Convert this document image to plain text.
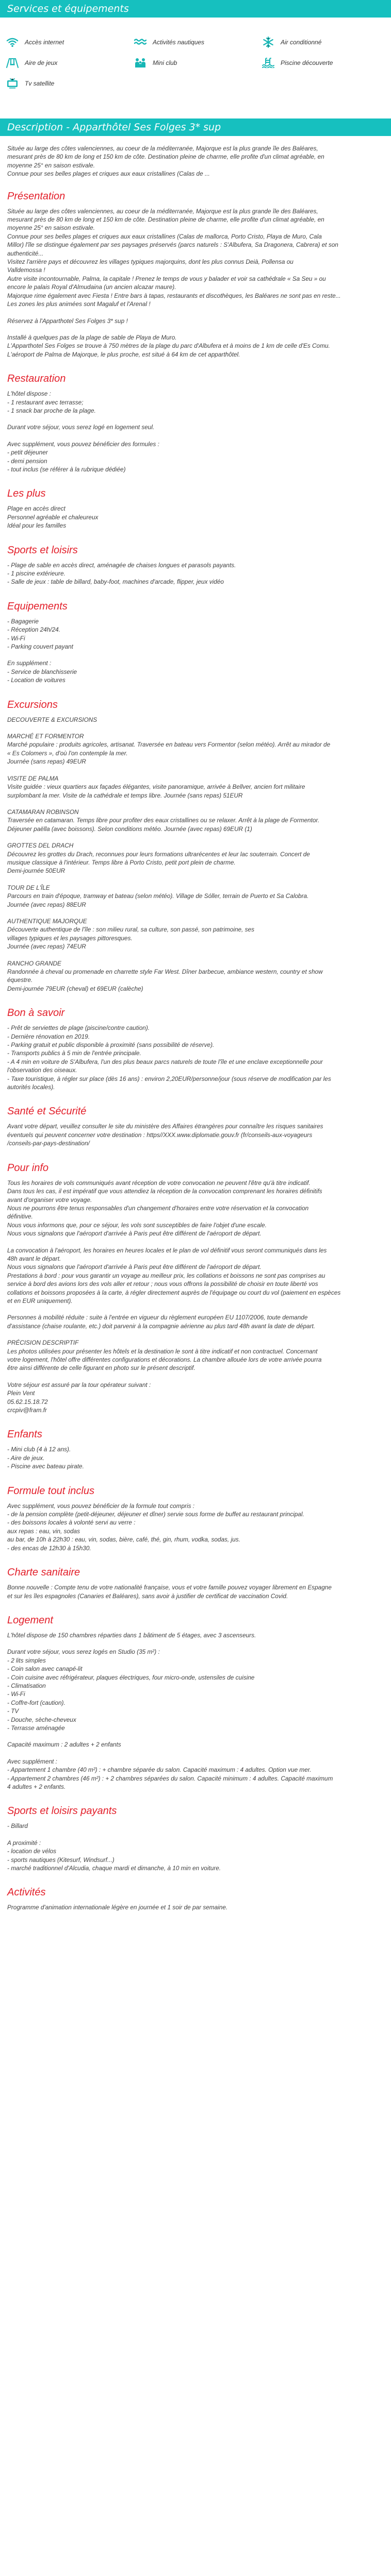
Services et équipements
Accès internet	Activités nautiques	Air conditionné
Aire de jeux	Mini club	Piscine découverte
Tv satellite
Description - Apparthôtel Ses Folges 3* sup

Située au large des côtes valenciennes, au coeur de la méditerranée, Majorque est la plus grande île des Baléares,

mesurant près de 80 km de long et 150 km de côte. Destination pleine de charme, elle profite d'un climat agréable, en

moyenne 25° en saison estivale.

Connue pour ses belles plages et criques aux eaux cristallines (Calas de ...

Présentation

Située au large des côtes valenciennes, au coeur de la méditerranée, Majorque est la plus grande île des Baléares,

mesurant près de 80 km de long et 150 km de côte. Destination pleine de charme, elle profite d'un climat agréable, en

moyenne 25° en saison estivale.

Connue pour ses belles plages et criques aux eaux cristallines (Calas de mallorca, Porto Cristo, Playa de Muro, Cala

Millor) l'île se distingue également par ses paysages préservés (parcs naturels : S'Albufera, Sa Dragonera, Cabrera) et son

authenticité...

Visitez l'arrière pays et découvrez les villages typiques majorquins, dont les plus connus Deià, Pollensa ou

Valldemossa !

Autre visite incontournable, Palma, la capitale ! Prenez le temps de vous y balader et voir sa cathédrale « Sa Seu » ou

encore le palais Royal d'Almudaina (un ancien alcazar maure).

Majorque rime également avec Fiesta ! Entre bars à tapas, restaurants et discothèques, les Baléares ne sont pas en reste...

Les zones les plus animées sont Magaluf et l'Arenal !

Réservez à l'Apparthotel Ses Folges 3* sup !

Installé à quelques pas de la plage de sable de Playa de Muro.

L'Apparthotel Ses Folges se trouve à 750 mètres de la plage du parc d'Albufera et à moins de 1 km de celle d'Es Comu.

L'aéroport de Palma de Majorque, le plus proche, est situé à 64 km de cet apparthôtel.

Restauration

L'hôtel dispose :

- 1 restaurant avec terrasse;

- 1 snack bar proche de la plage.

Durant votre séjour, vous serez logé en logement seul.

Avec supplément, vous pouvez bénéficier des formules :

- petit déjeuner

- demi pension

- tout inclus (se référer à la rubrique dédiée)

Les plus

Plage en accès direct

Personnel agréable et chaleureux

Idéal pour les familles

Sports et loisirs

- Plage de sable en accès direct, aménagée de chaises longues et parasols payants.

- 1 piscine extérieure.

- Salle de jeux : table de billard, baby-foot, machines d'arcade, flipper, jeux vidéo

Equipements

- Bagagerie

- Réception 24h/24.

- Wi-Fi

- Parking couvert payant

En supplément :

- Service de blanchisserie

- Location de voitures

Excursions

DECOUVERTE & EXCURSIONS

MARCHÉ ET FORMENTOR

Marché populaire : produits agricoles, artisanat. Traversée en bateau vers Formentor (selon météo). Arrêt au mirador de

« Es Colomers », d'où l'on contemple la mer.

Journée (sans repas) 49EUR

VISITE DE PALMA

Visite guidée : vieux quartiers aux façades élégantes, visite panoramique, arrivée à Bellver, ancien fort militaire

surplombant la mer. Visite de la cathédrale et temps libre. Journée (sans repas) 51EUR

CATAMARAN ROBINSON

Traversée en catamaran. Temps libre pour profiter des eaux cristallines ou se relaxer. Arrêt à la plage de Formentor.

Déjeuner paëlla (avec boissons). Selon conditions météo. Journée (avec repas) 69EUR (1)

GROTTES DEL DRACH

Découvrez les grottes du Drach, reconnues pour leurs formations ultrarécentes et leur lac souterrain. Concert de

musique classique à l'intérieur. Temps libre à Porto Cristo, petit port plein de charme.

Demi-journée 50EUR

TOUR DE L'ÎLE

Parcours en train d'époque, tramway et bateau (selon météo). Village de Sóller, terrain de Puerto et Sa Calobra.

Journée (avec repas) 88EUR

AUTHENTIQUE MAJORQUE

Découverte authentique de l'île : son milieu rural, sa culture, son passé, son patrimoine, ses

villages typiques et les paysages pittoresques.

Journée (avec repas) 74EUR

RANCHO GRANDE

Randonnée à cheval ou promenade en charrette style Far West. Dîner barbecue, ambiance western, country et show

équestre.

Demi-journée 79EUR (cheval) et 69EUR (calèche)

Bon à savoir

- Prêt de serviettes de plage (piscine/contre caution).

- Dernière rénovation en 2019.

- Parking gratuit et public disponible à proximité (sans possibilité de réserve).

- Transports publics à 5 min de l'entrée principale.

- A 4 min en voiture de S'Albufera, l'un des plus beaux parcs naturels de toute l'île et une enclave exceptionnelle pour

l'observation des oiseaux.

- Taxe touristique, à régler sur place (dès 16 ans) : environ 2,20EUR/personne/jour (sous réserve de modification par les

autorités locales).

Santé et Sécurité

Avant votre départ, veuillez consulter le site du ministère des Affaires étrangères pour connaître les risques sanitaires

éventuels qui peuvent concerner votre destination : https//XXX.www.diplomatie.gouv.fr (fr/conseils-aux-voyageurs

/conseils-par-pays-destination/

Pour info

Tous les horaires de vols communiqués avant réception de votre convocation ne peuvent l'être qu'à titre indicatif.

Dans tous les cas, il est impératif que vous attendiez la réception de la convocation comprenant les horaires définitifs

avant d'organiser votre voyage.

Nous ne pourrons être tenus responsables d'un changement d'horaires entre votre réservation et la convocation

définitive.

Nous vous informons que, pour ce séjour, les vols sont susceptibles de faire l'objet d'une escale.

Nous vous signalons que l'aéroport d'arrivée à Paris peut être différent de l'aéroport de départ.

La convocation à l'aéroport, les horaires en heures locales et le plan de vol définitif vous seront communiqués dans les

48h avant le départ.

Nous vous signalons que l'aéroport d'arrivée à Paris peut être différent de l'aéroport de départ.

Prestations à bord : pour vous garantir un voyage au meilleur prix, les collations et boissons ne sont pas comprises au

service à bord des avions lors des vols aller et retour ; nous vous offrons la possibilité de choisir en toute liberté vos

collations et boissons proposées à la carte, à régler directement auprès de l'équipage ou court du vol (paiement en espèces

et en EUR uniquement).

Personnes à mobilité réduite : suite à l'entrée en vigueur du règlement européen EU 1107/2006, toute demande

d'assistance (chaise roulante, etc.) doit parvenir à la compagnie aérienne au plus tard 48h avant la date de départ.

PRÉCISION DESCRIPTIF

Les photos utilisées pour présenter les hôtels et la destination le sont à titre indicatif et non contractuel. Concernant

votre logement, l'hôtel offre différentes configurations et décorations. La chambre allouée lors de votre arrivée pourra

être ainsi différente de celle figurant en photo sur le présent descriptif.

Votre séjour est assuré par la tour opérateur suivant :

Plein Vent

05.62.15.18.72

crcpiv@fram.fr

Enfants

- Mini club (4 à 12 ans).

- Aire de jeux.

- Piscine avec bateau pirate.

Formule tout inclus

Avec supplément, vous pouvez bénéficier de la formule tout compris :

- de la pension complète (petit-déjeuner, déjeuner et dîner) servie sous forme de buffet au restaurant principal.

- des boissons locales à volonté servi au verre :

aux repas : eau, vin, sodas

au bar, de 10h à 22h30 : eau, vin, sodas, bière, café, thé, gin, rhum, vodka, sodas, jus.

- des encas de 12h30 à 15h30.

Charte sanitaire

Bonne nouvelle : Compte tenu de votre nationalité française, vous et votre famille pouvez voyager librement en Espagne

et sur les îles espagnoles (Canaries et Baléares), sans avoir à justifier de certificat de vaccination Covid.

Logement

L'hôtel dispose de 150 chambres réparties dans 1 bâtiment de 5 étages, avec 3 ascenseurs.

Durant votre séjour, vous serez logés en Studio (35 m²) :

- 2 lits simples

- Coin salon avec canapé-lit

- Coin cuisine avec réfrigérateur, plaques électriques, four micro-onde, ustensiles de cuisine

- Climatisation

- Wi-Fi

- Coffre-fort (caution).

- TV

- Douche, sèche-cheveux

- Terrasse aménagée

Capacité maximum : 2 adultes + 2 enfants

Avec supplément :

- Appartement 1 chambre (40 m²) : + chambre séparée du salon. Capacité maximum : 4 adultes. Option vue mer.

- Appartement 2 chambres (46 m²) : + 2 chambres séparées du salon. Capacité minimum : 4 adultes. Capacité maximum

4 adultes + 2 enfants.

Sports et loisirs payants

- Billard

A proximité :

- location de vélos

- sports nautiques (Kitesurf, Windsurf...)

- marché traditionnel d'Alcudia, chaque mardi et dimanche, à 10 min en voiture.

Activités

Programme d'animation internationale légère en journée et 1 soir de par semaine.
